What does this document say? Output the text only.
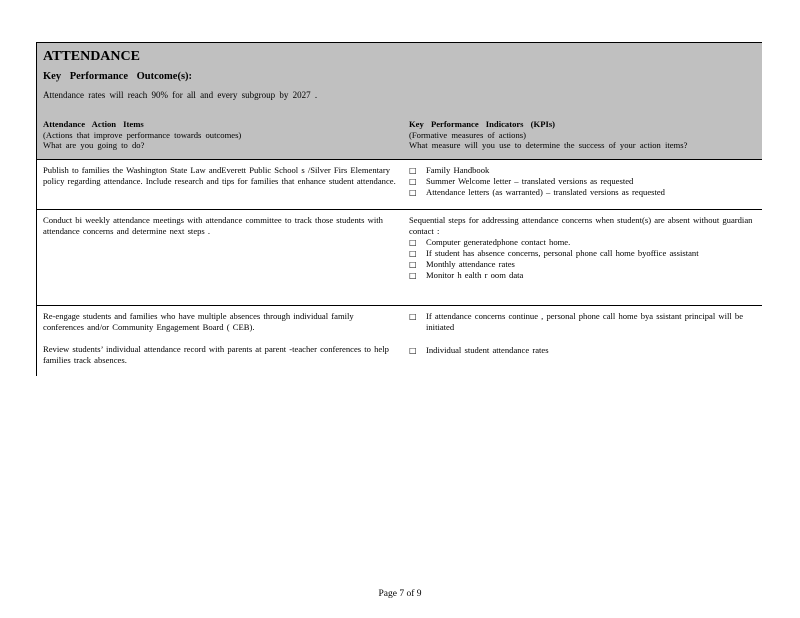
ATTENDANCE
Key Performance Outcome(s):
Attendance rates will reach 90% for all and every subgroup by 2027 .
Attendance Action Items
(Actions that improve performance towards outcomes)
What are you going to do?
Key Performance Indicators (KPIs)
(Formative measures of actions)
What measure will you use to determine the success of your action items?

Publish to families the Washington State Law andEverett Public School s /Silver Firs Elementary policy regarding attendance. Include research and tips for families that enhance student attendance.

□ Family Handbook
□ Summer Welcome letter – translated versions as requested
□ Attendance letters (as warranted) – translated versions as requested

Conduct bi weekly attendance meetings with attendance committee to track those students with attendance concerns and determine next steps .

Sequential steps for addressing attendance concerns when student(s) are absent without guardian contact :

□ Computer generatedphone contact home.
□ If student has absence concerns, personal phone call home byoffice assistant
□ Monthly attendance rates
□ Monitor h ealth r oom data

Re-engage students and families who have multiple absences through individual family conferences and/or Community Engagement Board ( CEB).

Review students’ individual attendance record with parents at parent -teacher conferences to help families track absences.

□ If attendance concerns continue , personal phone call home bya ssistant principal will be initiated
□ Individual student attendance rates
Page 7 of 9
